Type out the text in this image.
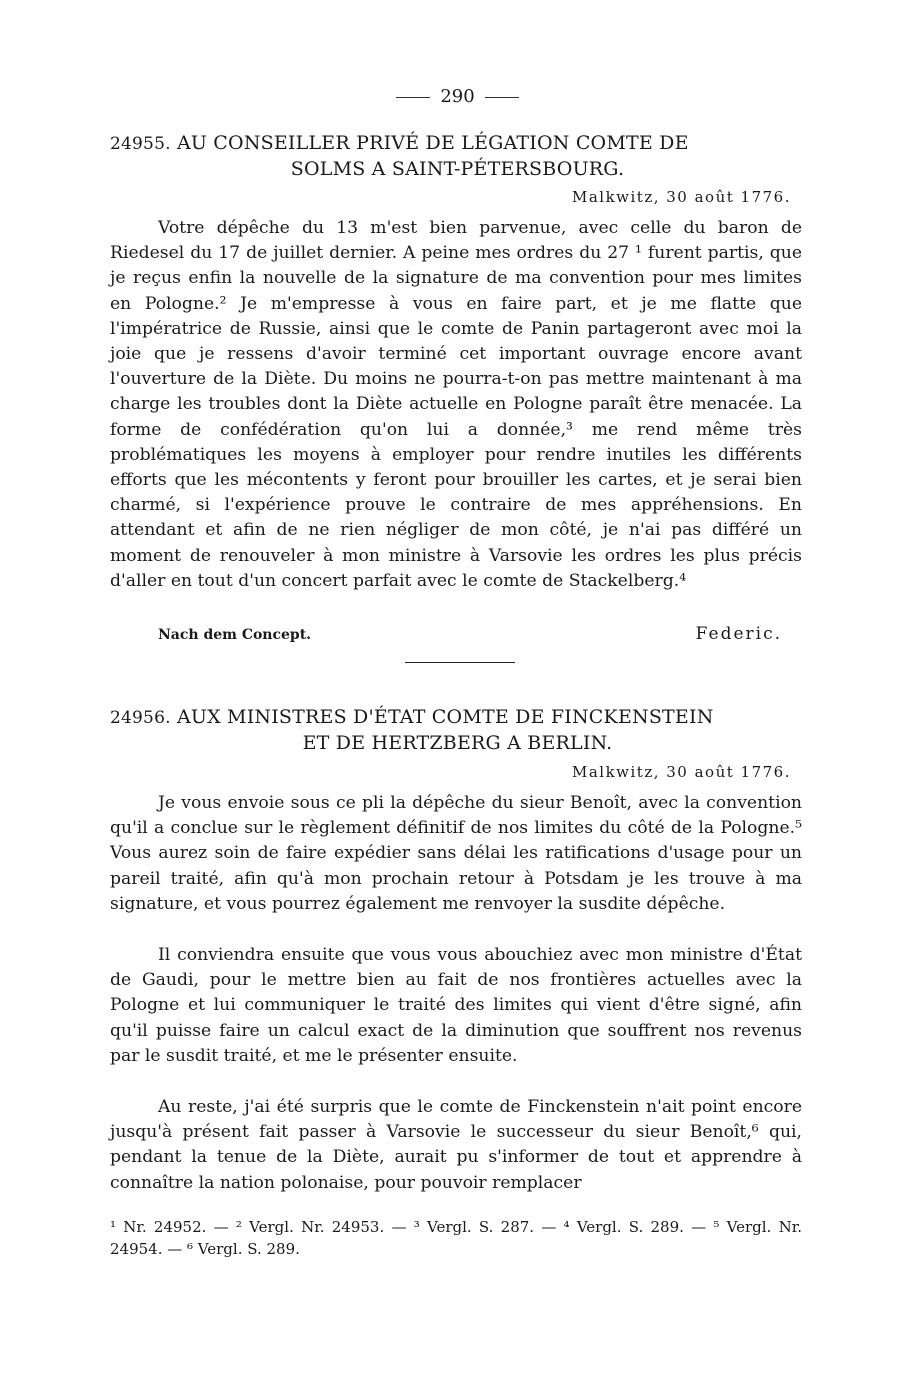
290
24955. AU CONSEILLER PRIVÉ DE LÉGATION COMTE DE
SOLMS A SAINT-PÉTERSBOURG.
Malkwitz, 30 août 1776.
Votre dépêche du 13 m'est bien parvenue, avec celle du baron de Riedesel du 17 de juillet dernier. A peine mes ordres du 27 ¹ furent partis, que je reçus enfin la nouvelle de la signature de ma convention pour mes limites en Pologne.² Je m'empresse à vous en faire part, et je me flatte que l'impératrice de Russie, ainsi que le comte de Panin partageront avec moi la joie que je ressens d'avoir terminé cet important ouvrage encore avant l'ouverture de la Diète. Du moins ne pourra-t-on pas mettre maintenant à ma charge les troubles dont la Diète actuelle en Pologne paraît être menacée. La forme de confédération qu'on lui a donnée,³ me rend même très problématiques les moyens à employer pour rendre inutiles les différents efforts que les mécontents y feront pour brouiller les cartes, et je serai bien charmé, si l'expérience prouve le contraire de mes appréhensions. En attendant et afin de ne rien négliger de mon côté, je n'ai pas différé un moment de renouveler à mon ministre à Varsovie les ordres les plus précis d'aller en tout d'un concert parfait avec le comte de Stackelberg.⁴
Nach dem Concept.	Federic.
24956. AUX MINISTRES D'ÉTAT COMTE DE FINCKENSTEIN
ET DE HERTZBERG A BERLIN.
Malkwitz, 30 août 1776.
Je vous envoie sous ce pli la dépêche du sieur Benoît, avec la convention qu'il a conclue sur le règlement définitif de nos limites du côté de la Pologne.⁵ Vous aurez soin de faire expédier sans délai les ratifications d'usage pour un pareil traité, afin qu'à mon prochain retour à Potsdam je les trouve à ma signature, et vous pourrez également me renvoyer la susdite dépêche.
Il conviendra ensuite que vous vous abouchiez avec mon ministre d'État de Gaudi, pour le mettre bien au fait de nos frontières actuelles avec la Pologne et lui communiquer le traité des limites qui vient d'être signé, afin qu'il puisse faire un calcul exact de la diminution que souffrent nos revenus par le susdit traité, et me le présenter ensuite.
Au reste, j'ai été surpris que le comte de Finckenstein n'ait point encore jusqu'à présent fait passer à Varsovie le successeur du sieur Benoît,⁶ qui, pendant la tenue de la Diète, aurait pu s'informer de tout et apprendre à connaître la nation polonaise, pour pouvoir remplacer
¹ Nr. 24952. — ² Vergl. Nr. 24953. — ³ Vergl. S. 287. — ⁴ Vergl. S. 289. — ⁵ Vergl. Nr. 24954. — ⁶ Vergl. S. 289.
